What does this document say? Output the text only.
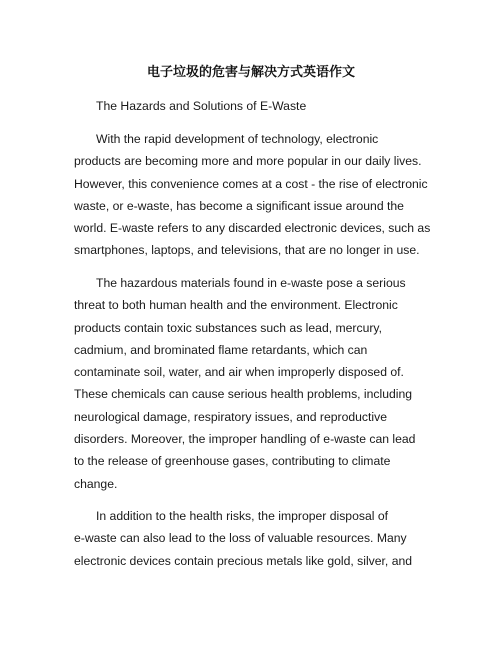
电子垃圾的危害与解决方式英语作文
The Hazards and Solutions of E-Waste
With the rapid development of technology, electronic
products are becoming more and more popular in our daily lives.
However, this convenience comes at a cost - the rise of electronic
waste, or e-waste, has become a significant issue around the
world. E-waste refers to any discarded electronic devices, such as
smartphones, laptops, and televisions, that are no longer in use.
The hazardous materials found in e-waste pose a serious
threat to both human health and the environment. Electronic
products contain toxic substances such as lead, mercury,
cadmium, and brominated flame retardants, which can
contaminate soil, water, and air when improperly disposed of.
These chemicals can cause serious health problems, including
neurological damage, respiratory issues, and reproductive
disorders. Moreover, the improper handling of e-waste can lead
to the release of greenhouse gases, contributing to climate
change.
In addition to the health risks, the improper disposal of
e-waste can also lead to the loss of valuable resources. Many
electronic devices contain precious metals like gold, silver, and
